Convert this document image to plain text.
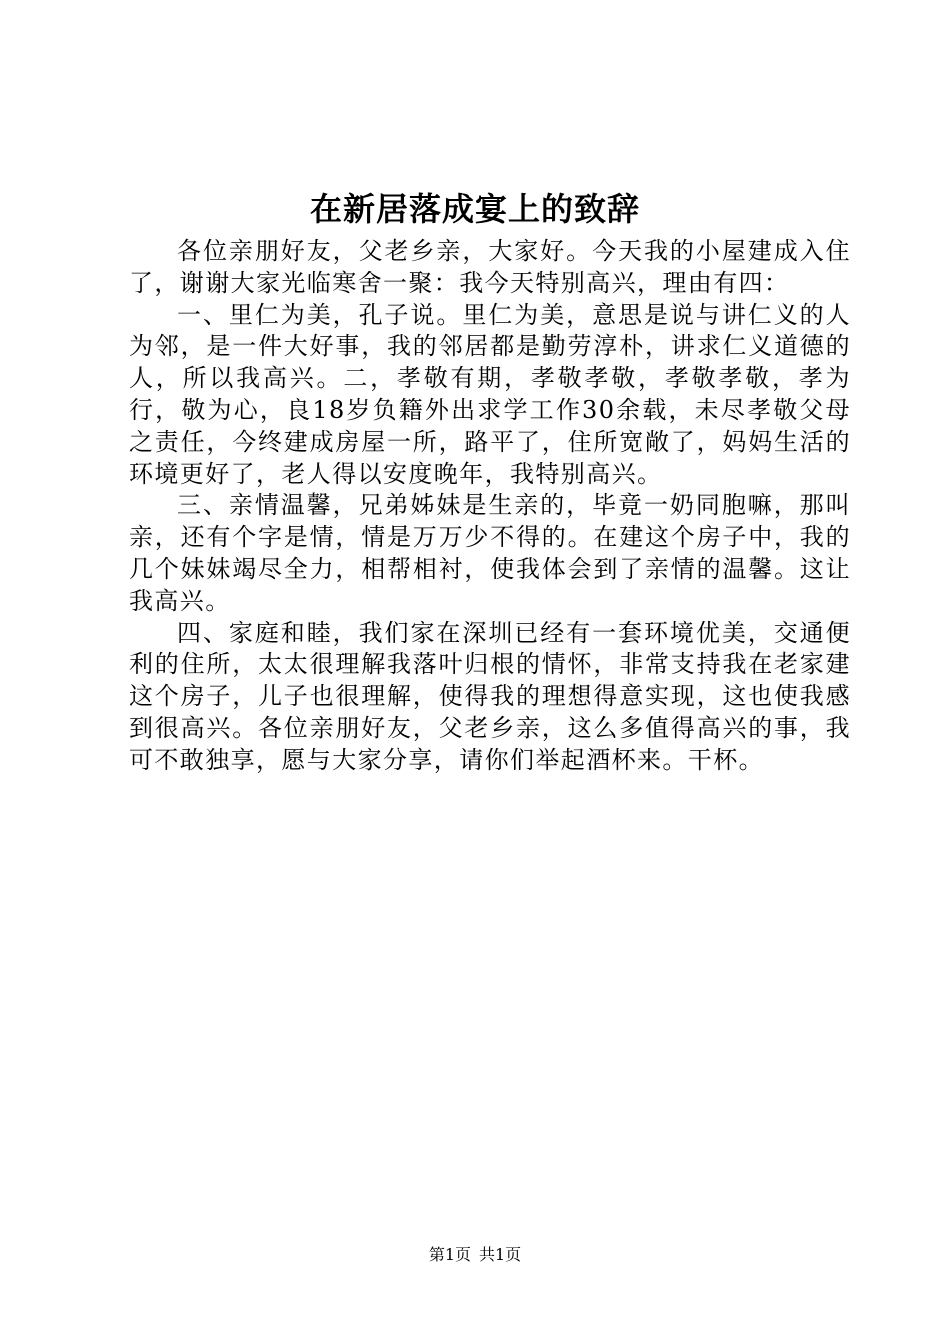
在新居落成宴上的致辞

各位亲朋好友，父老乡亲，大家好。今天我的小屋建成入住了，谢谢大家光临寒舍一聚：我今天特别高兴，理由有四：

一、里仁为美，孔子说。里仁为美，意思是说与讲仁义的人为邻，是一件大好事，我的邻居都是勤劳淳朴，讲求仁义道德的人，所以我高兴。二，孝敬有期，孝敬孝敬，孝敬孝敬，孝为行，敬为心，良18岁负籍外出求学工作30余载，未尽孝敬父母之责任，今终建成房屋一所，路平了，住所宽敞了，妈妈生活的环境更好了，老人得以安度晚年，我特别高兴。

三、亲情温馨，兄弟姊妹是生亲的，毕竟一奶同胞嘛，那叫亲，还有个字是情，情是万万少不得的。在建这个房子中，我的几个妹妹竭尽全力，相帮相衬，使我体会到了亲情的温馨。这让我高兴。

四、家庭和睦，我们家在深圳已经有一套环境优美，交通便利的住所，太太很理解我落叶归根的情怀，非常支持我在老家建这个房子，儿子也很理解，使得我的理想得意实现，这也使我感到很高兴。各位亲朋好友，父老乡亲，这么多值得高兴的事，我可不敢独享，愿与大家分享，请你们举起酒杯来。干杯。

第1页 共1页
